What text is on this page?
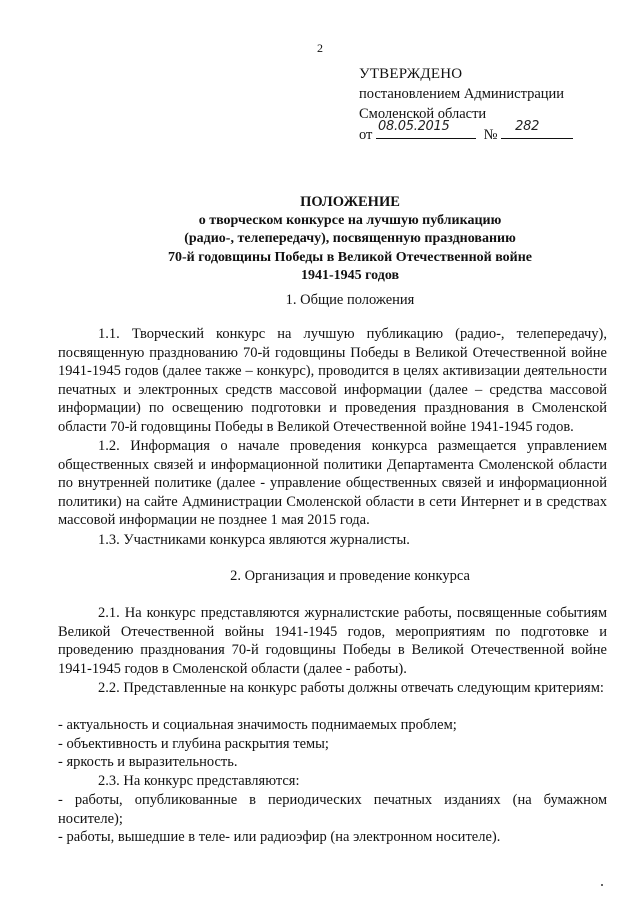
2
УТВЕРЖДЕНО
постановлением Администрации
Смоленской области
от
08.05.2015
№
282
ПОЛОЖЕНИЕ
о творческом конкурсе на лучшую публикацию
(радио-, телепередачу), посвященную празднованию
70-й годовщины Победы в Великой Отечественной войне
1941-1945 годов
1. Общие положения

1.1. Творческий конкурс на лучшую публикацию (радио-, телепередачу), посвященную празднованию 70-й годовщины Победы в Великой Отечественной войне 1941-1945 годов (далее также – конкурс), проводится в целях активизации деятельности печатных и электронных средств массовой информации (далее – средства массовой информации) по освещению подготовки и проведения празднования в Смоленской области 70-й годовщины Победы в Великой Отечественной войне 1941-1945 годов.

1.2. Информация о начале проведения конкурса размещается управлением общественных связей и информационной политики Департамента Смоленской области по внутренней политике (далее - управление общественных связей и информационной политики) на сайте Администрации Смоленской области в сети Интернет и в средствах массовой информации не позднее 1 мая 2015 года.

1.3. Участниками конкурса являются журналисты.

2. Организация и проведение конкурса

2.1. На конкурс представляются журналистские работы, посвященные событиям Великой Отечественной войны 1941-1945 годов, мероприятиям по подготовке и проведению празднования 70-й годовщины Победы в Великой Отечественной войне 1941-1945 годов в Смоленской области (далее - работы).

2.2. Представленные на конкурс работы должны отвечать следующим критериям:

- актуальность и социальная значимость поднимаемых проблем;

- объективность и глубина раскрытия темы;

- яркость и выразительность.

2.3. На конкурс представляются:

- работы, опубликованные в периодических печатных изданиях (на бумажном носителе);

- работы, вышедшие в теле- или радиоэфир (на электронном носителе).
